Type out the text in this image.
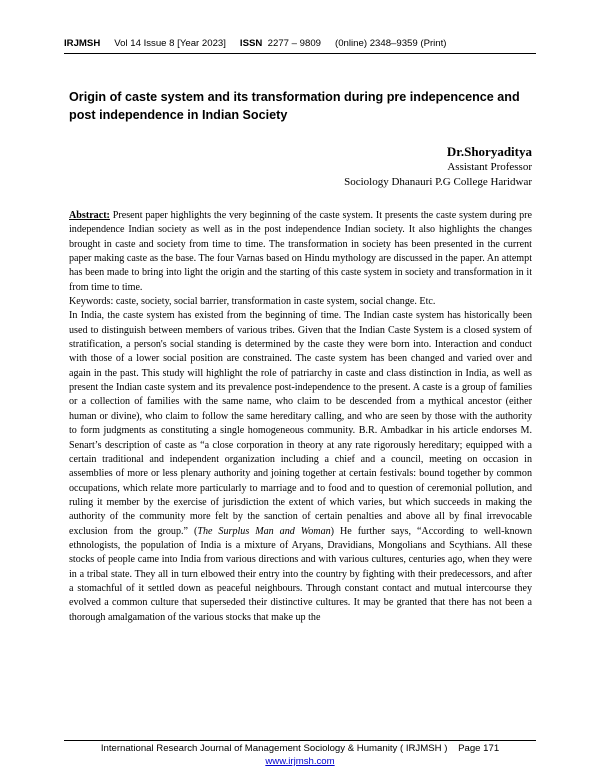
IRJMSH Vol 14 Issue 8 [Year 2023] ISSN 2277 – 9809 (0nline) 2348–9359 (Print)
Origin of caste system and its transformation during pre indepencence and post independence in Indian Society
Dr.Shoryaditya
Assistant Professor
Sociology Dhanauri P.G College Haridwar

Abstract: Present paper highlights the very beginning of the caste system. It presents the caste system during pre independence Indian society as well as in the post independence Indian society. It also highlights the changes brought in caste and society from time to time. The transformation in society has been presented in the current paper making caste as the base. The four Varnas based on Hindu mythology are discussed in the paper. An attempt has been made to bring into light the origin and the starting of this caste system in society and transformation in it from time to time.

Keywords: caste, society, social barrier, transformation in caste system, social change. Etc.

In India, the caste system has existed from the beginning of time. The Indian caste system has historically been used to distinguish between members of various tribes. Given that the Indian Caste System is a closed system of stratification, a person's social standing is determined by the caste they were born into. Interaction and conduct with those of a lower social position are constrained. The caste system has been changed and varied over and again in the past. This study will highlight the role of patriarchy in caste and class distinction in India, as well as present the Indian caste system and its prevalence post-independence to the present. A caste is a group of families or a collection of families with the same name, who claim to be descended from a mythical ancestor (either human or divine), who claim to follow the same hereditary calling, and who are seen by those with the authority to form judgments as constituting a single homogeneous community. B.R. Ambadkar in his article endorses M. Senart’s description of caste as “a close corporation in theory at any rate rigorously hereditary; equipped with a certain traditional and independent organization including a chief and a council, meeting on occasion in assemblies of more or less plenary authority and joining together at certain festivals: bound together by common occupations, which relate more particularly to marriage and to food and to question of ceremonial pollution, and ruling it member by the exercise of jurisdiction the extent of which varies, but which succeeds in making the authority of the community more felt by the sanction of certain penalties and above all by final irrevocable exclusion from the group.” (The Surplus Man and Woman) He further says, “According to well-known ethnologists, the population of India is a mixture of Aryans, Dravidians, Mongolians and Scythians. All these stocks of people came into India from various directions and with various cultures, centuries ago, when they were in a tribal state. They all in turn elbowed their entry into the country by fighting with their predecessors, and after a stomachful of it settled down as peaceful neighbours. Through constant contact and mutual intercourse they evolved a common culture that superseded their distinctive cultures. It may be granted that there has not been a thorough amalgamation of the various stocks that make up the

International Research Journal of Management Sociology & Humanity ( IRJMSH ) Page 171
www.irjmsh.com
